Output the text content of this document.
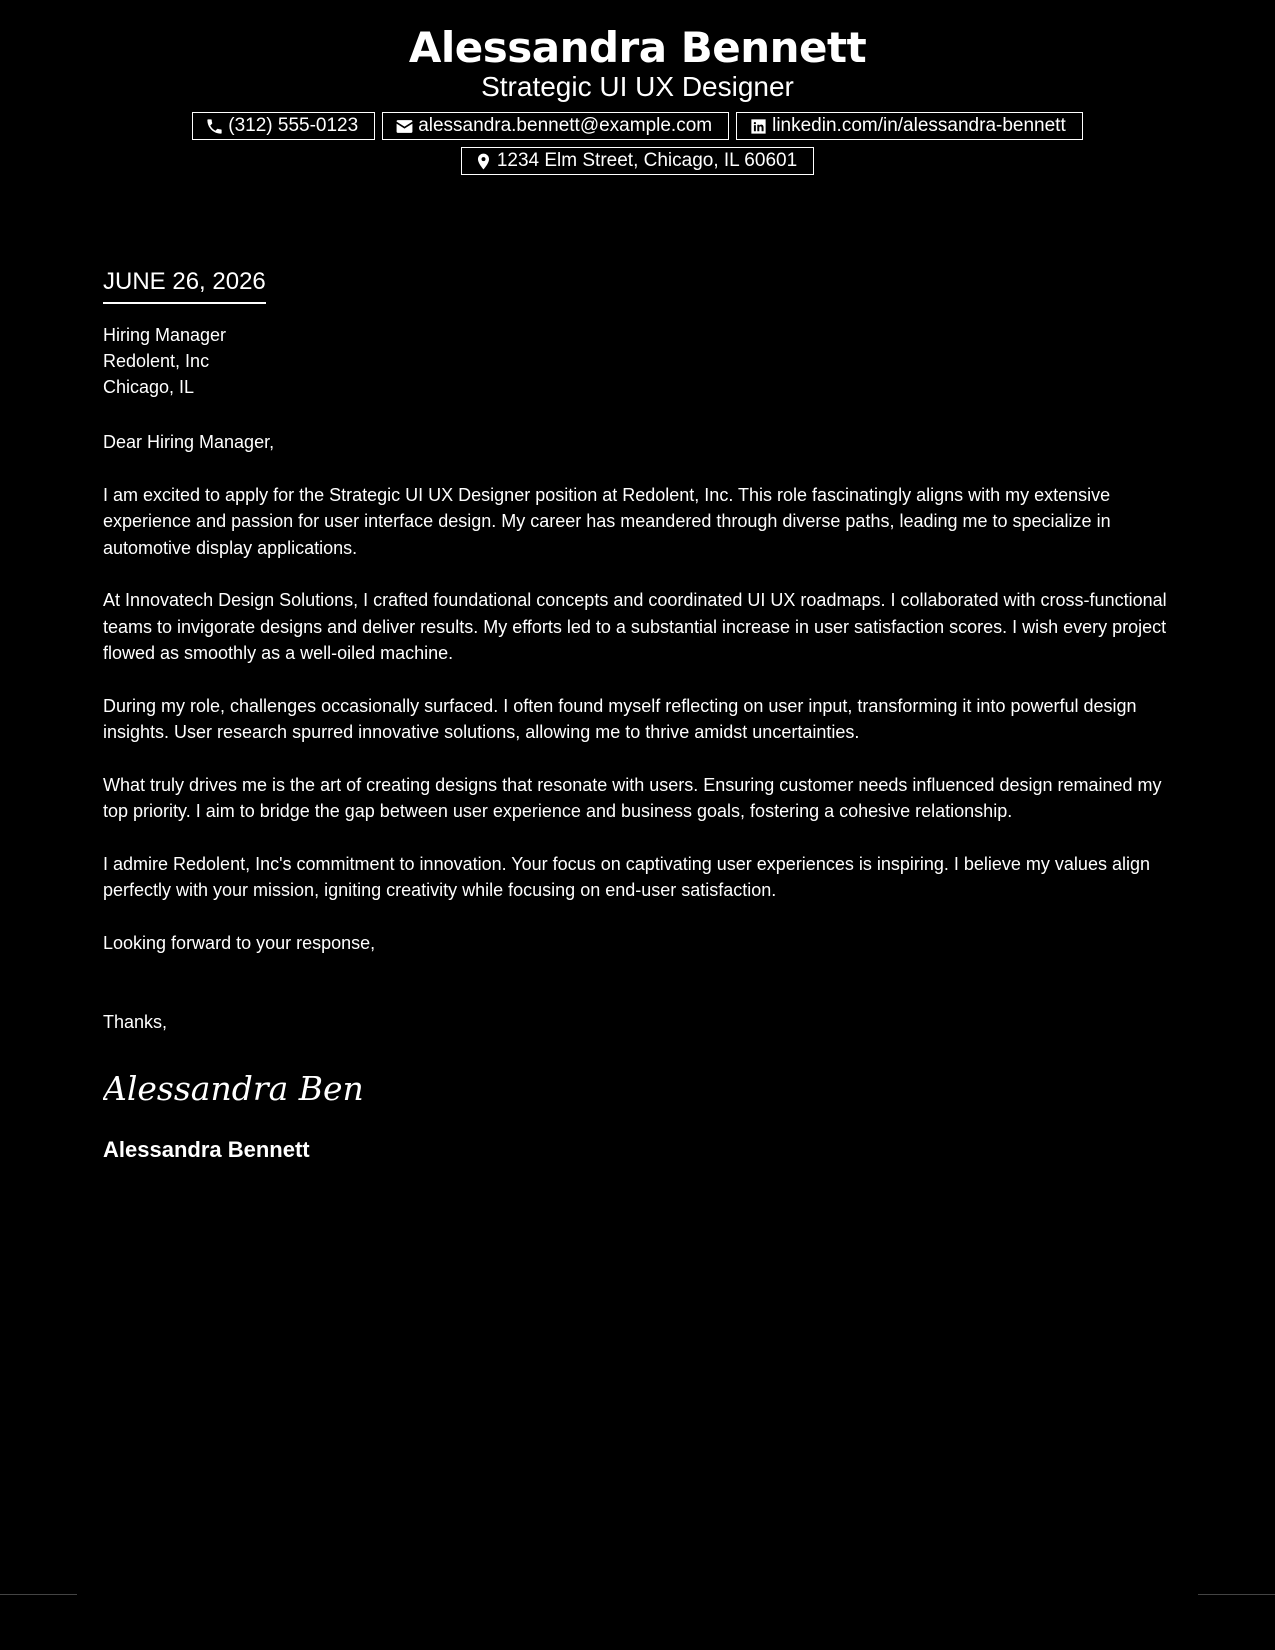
Alessandra Bennett
Strategic UI UX Designer
(312) 555-0123	alessandra.bennett@example.com	linkedin.com/in/alessandra-bennett
1234 Elm Street, Chicago, IL 60601
JUNE 26, 2026
Hiring Manager
Redolent, Inc
Chicago, IL
Dear Hiring Manager,

I am excited to apply for the Strategic UI UX Designer position at Redolent, Inc. This role fascinatingly aligns with my extensive experience and passion for user interface design. My career has meandered through diverse paths, leading me to specialize in automotive display applications.

At Innovatech Design Solutions, I crafted foundational concepts and coordinated UI UX roadmaps. I collaborated with cross-functional teams to invigorate designs and deliver results. My efforts led to a substantial increase in user satisfaction scores. I wish every project flowed as smoothly as a well-oiled machine.

During my role, challenges occasionally surfaced. I often found myself reflecting on user input, transforming it into powerful design insights. User research spurred innovative solutions, allowing me to thrive amidst uncertainties.

What truly drives me is the art of creating designs that resonate with users. Ensuring customer needs influenced design remained my top priority. I aim to bridge the gap between user experience and business goals, fostering a cohesive relationship.

I admire Redolent, Inc's commitment to innovation. Your focus on captivating user experiences is inspiring. I believe my values align perfectly with your mission, igniting creativity while focusing on end-user satisfaction.

Looking forward to your response,
Thanks,
Alessandra Bennett
Alessandra Bennett
